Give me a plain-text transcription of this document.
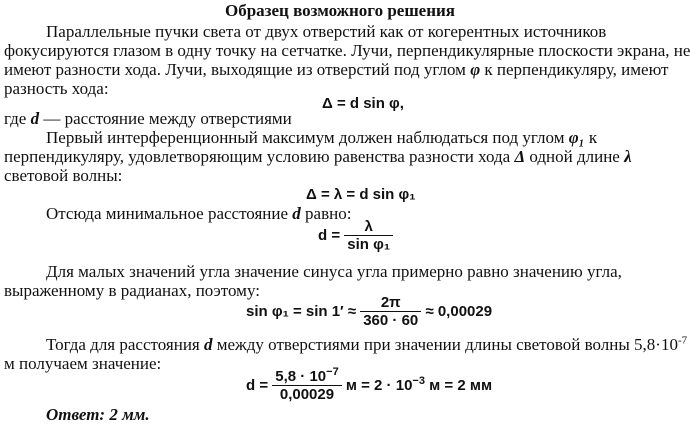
Образец возможного решения
Параллельные пучки света от двух отверстий как от когерентных источников
фокусируются глазом в одну точку на сетчатке. Лучи, перпендикулярные плоскости экрана, не
имеют разности хода. Лучи, выходящие из отверстий под углом φ к перпендикуляру, имеют
разность хода:
Δ = d sin φ,
где d — расстояние между отверстиями
Первый интерференционный максимум должен наблюдаться под углом φ₁ к
перпендикуляру, удовлетворяющим условию равенства разности хода Δ одной длине λ
световой волны:
Δ = λ = d sin φ₁
Отсюда минимальное расстояние d равно:
$d = \frac{\lambda}{\text{sin φ₁}}$
Для малых значений угла значение синуса угла примерно равно значению угла,
выраженному в радианах, поэтому:
$\sin \varphi_1 = \sin 1' \approx \frac{2\pi}{360 \cdot 60} \approx 0,00029$
Тогда для расстояния d между отверстиями при значении длины световой волны $5,8\cdot 10^{-7}$
м получаем значение:
$d = \frac{5,8 \cdot 10^{-7}}{0,00029}$ $м = 2 \cdot 10^{-3}$ м = 2 мм
Ответ: 2 мм.
